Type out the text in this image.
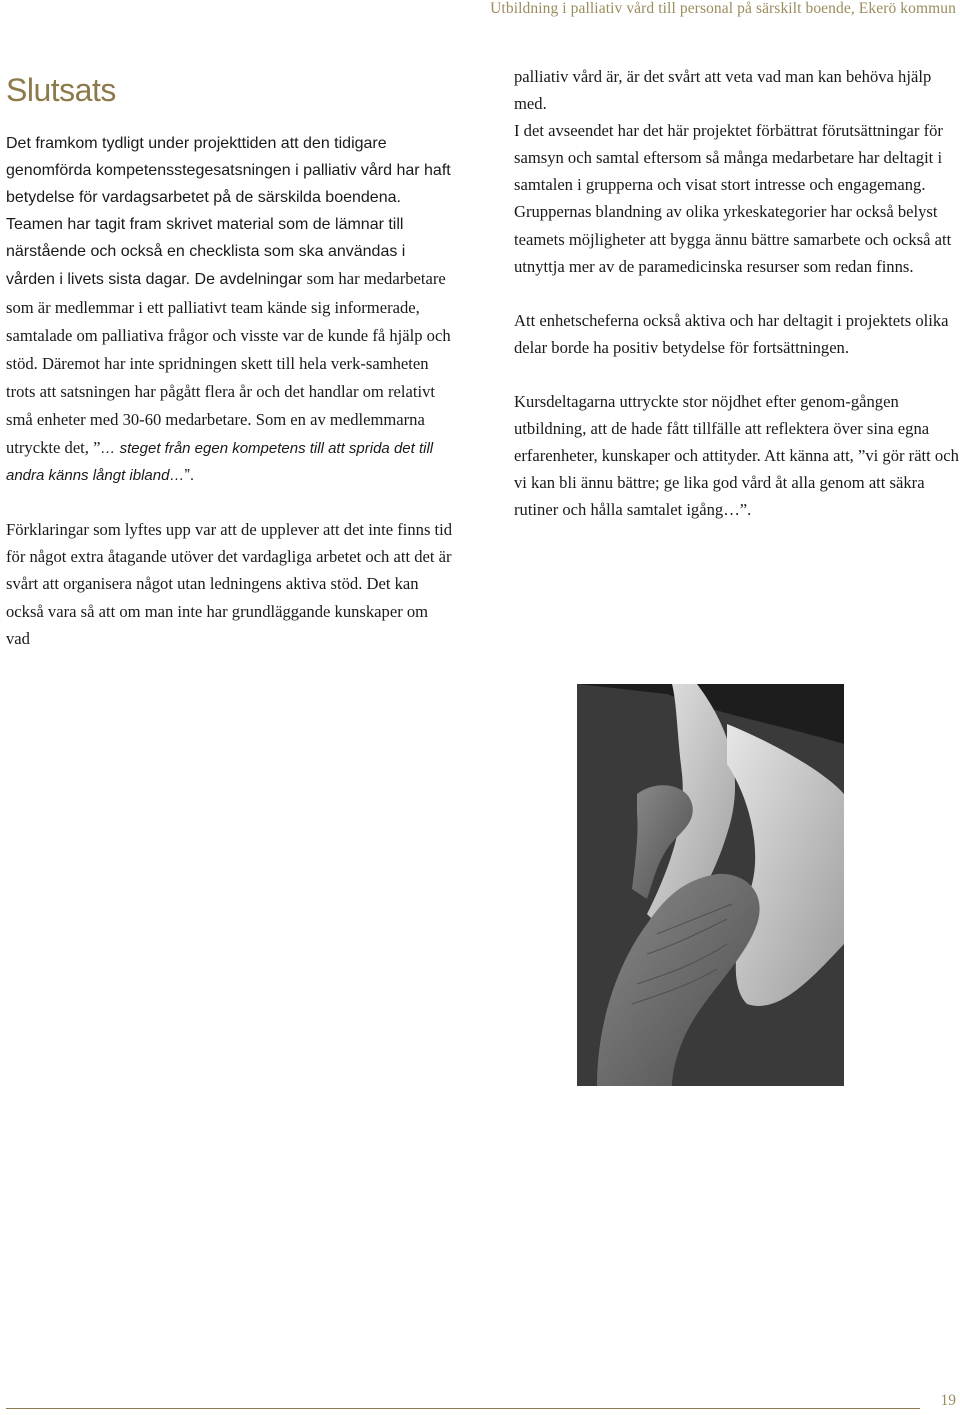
Utbildning i palliativ vård till personal på särskilt boende, Ekerö kommun
Slutsats

Det framkom tydligt under projekttiden att den tidigare genomförda kompetensstegesatsningen i palliativ vård har haft betydelse för vardagsarbetet på de särskilda boendena. Teamen har tagit fram skrivet material som de lämnar till närstående och också en checklista som ska användas i vården i livets sista dagar. De avdelningar som har medarbetare som är medlemmar i ett palliativt team kände sig informerade, samtalade om palliativa frågor och visste var de kunde få hjälp och stöd. Däremot har inte spridningen skett till hela verk-samheten trots att satsningen har pågått flera år och det handlar om relativt små enheter med 30-60 medarbetare. Som en av medlemmarna utryckte det, ”… steget från egen kompetens till att sprida det till andra känns långt ibland…”.

Förklaringar som lyftes upp var att de upplever att det inte finns tid för något extra åtagande utöver det vardagliga arbetet och att det är svårt att organisera något utan ledningens aktiva stöd. Det kan också vara så att om man inte har grundläggande kunskaper om vad

palliativ vård är, är det svårt att veta vad man kan behöva hjälp med.

I det avseendet har det här projektet förbättrat förutsättningar för samsyn och samtal eftersom så många medarbetare har deltagit i samtalen i grupperna och visat stort intresse och engagemang. Gruppernas blandning av olika yrkeskategorier har också belyst teamets möjligheter att bygga ännu bättre samarbete och också att utnyttja mer av de paramedicinska resurser som redan finns.

Att enhetscheferna också aktiva och har deltagit i projektets olika delar borde ha positiv betydelse för fortsättningen.

Kursdeltagarna uttryckte stor nöjdhet efter genom-gången utbildning, att de hade fått tillfälle att reflektera över sina egna erfarenheter, kunskaper och attityder. Att känna att, ”vi gör rätt och vi kan bli ännu bättre; ge lika god vård åt alla genom att säkra rutiner och hålla samtalet igång…”.

19
